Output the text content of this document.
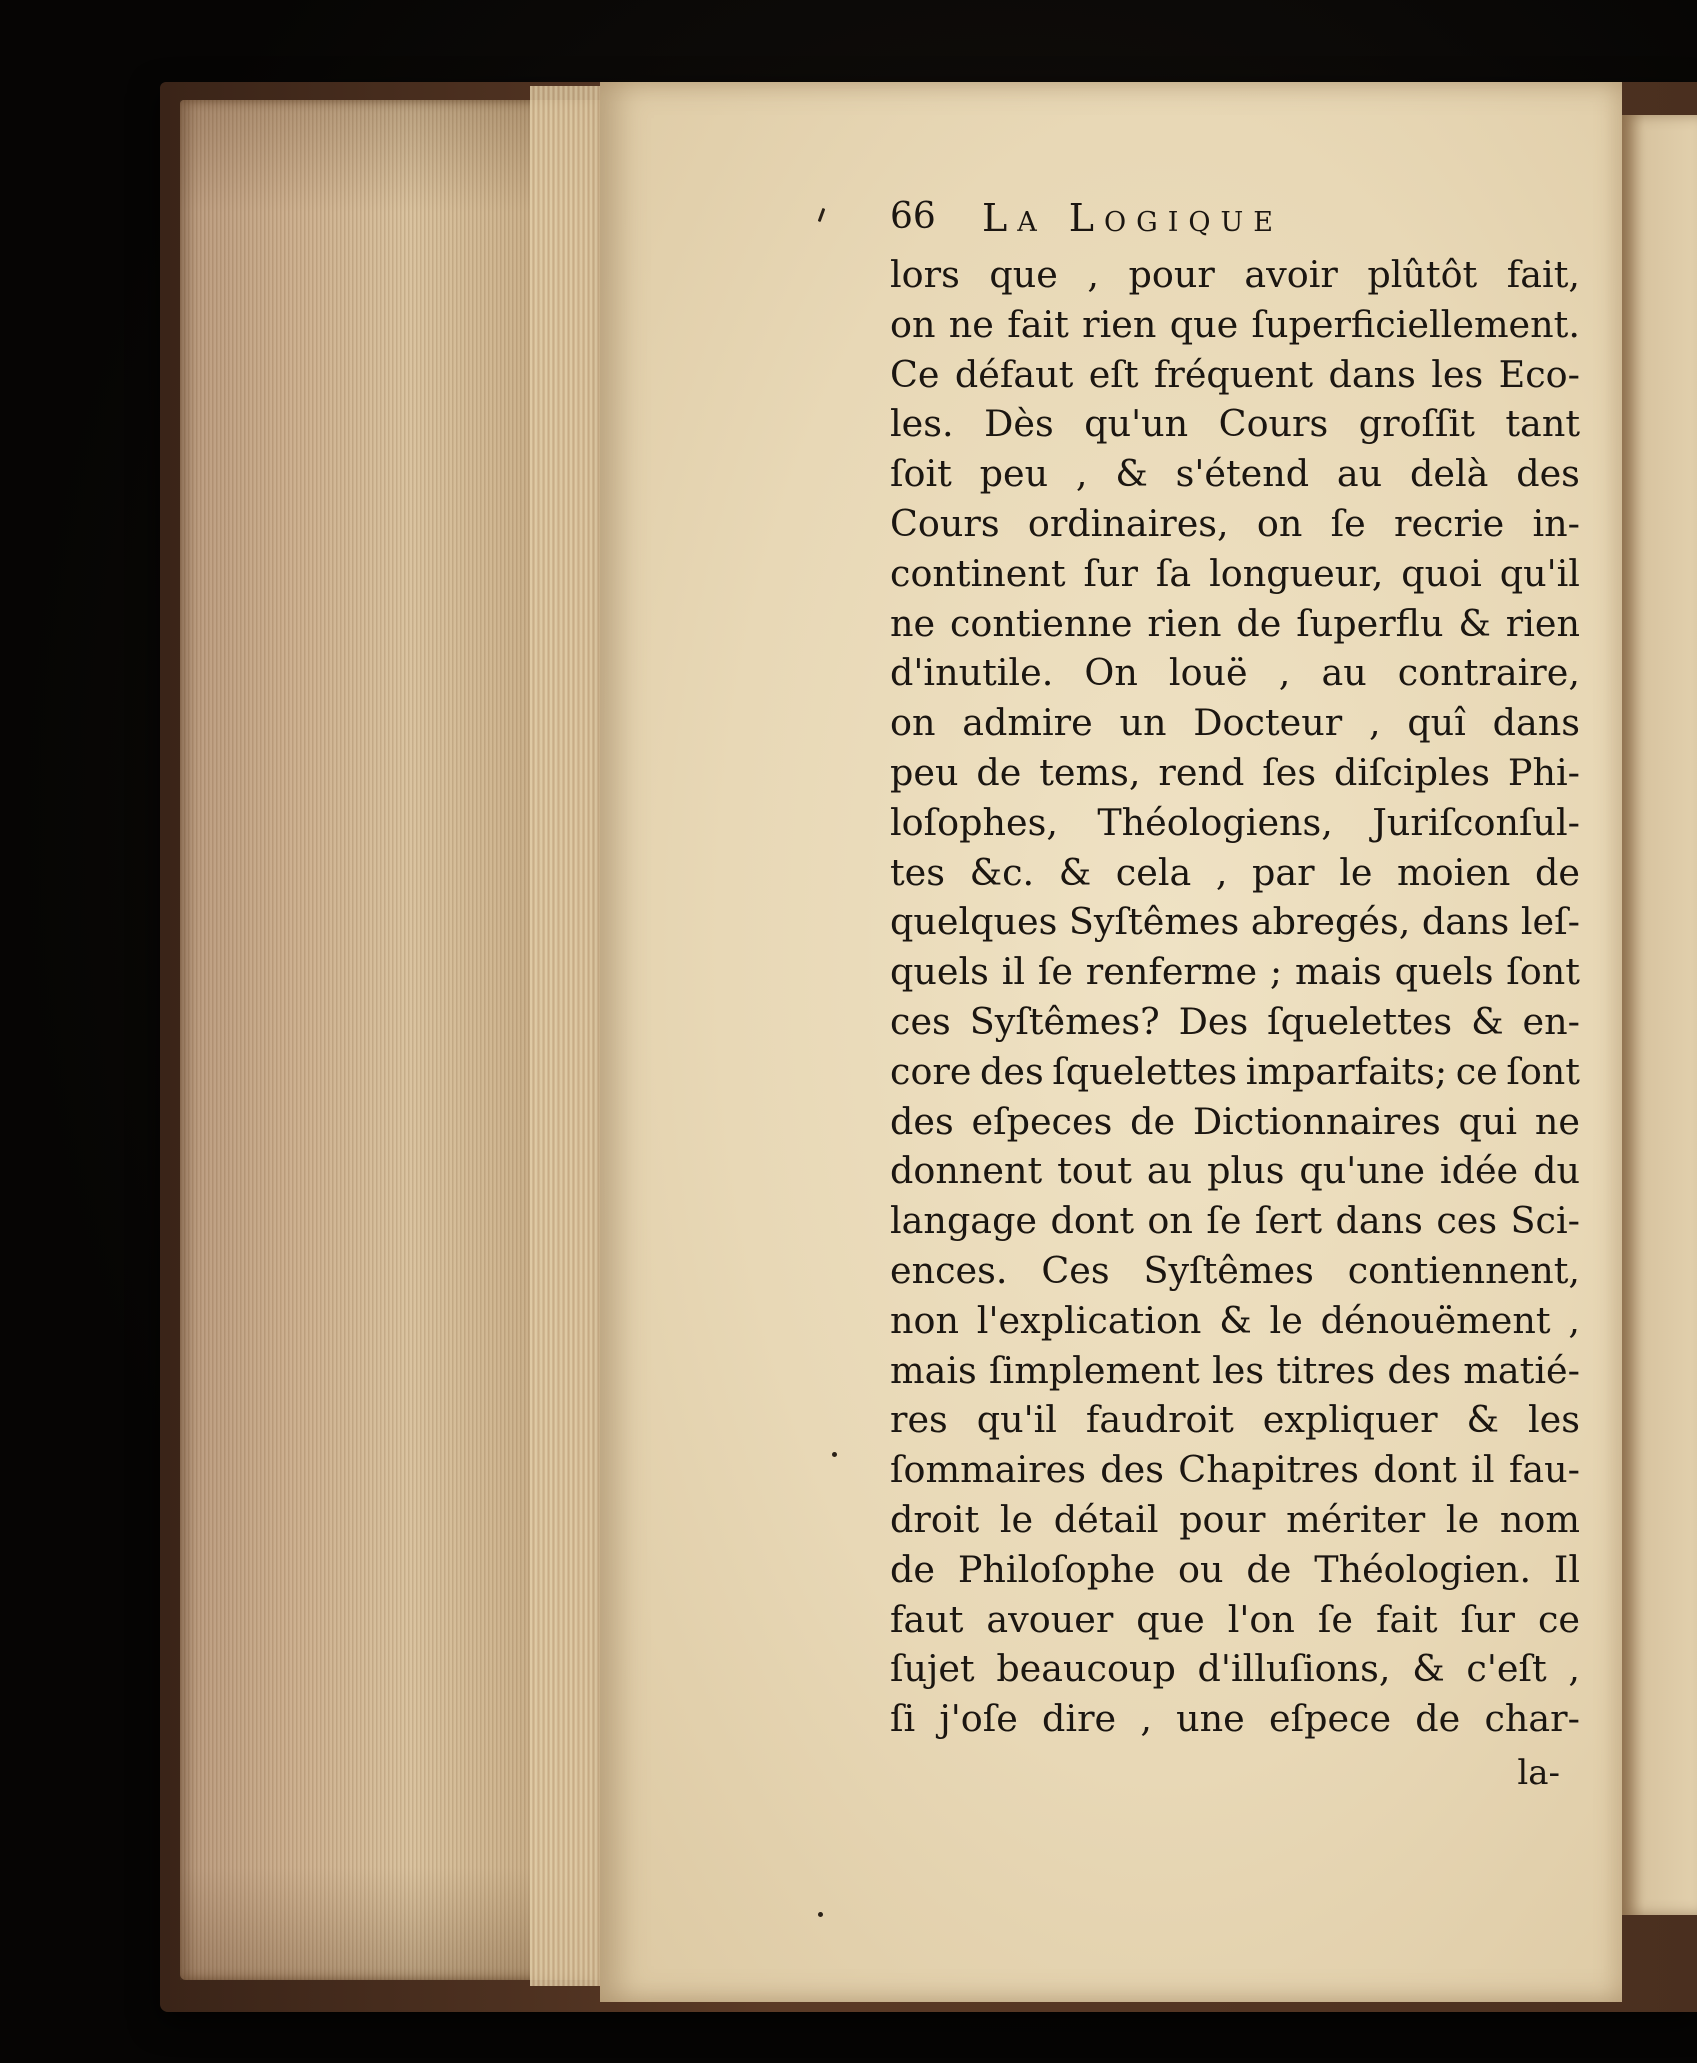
66 La Logique
lors que , pour avoir plûtôt fait,
on ne fait rien que ſuperficiellement.
Ce défaut eſt fréquent dans les Eco-
les. Dès qu'un Cours groſſit tant
ſoit peu , & s'étend au delà des
Cours ordinaires, on ſe recrie in-
continent ſur ſa longueur, quoi qu'il
ne contienne rien de ſuperflu & rien
d'inutile. On louë , au contraire,
on admire un Docteur , quî dans
peu de tems, rend ſes diſciples Phi-
loſophes, Théologiens, Juriſconſul-
tes &c. & cela , par le moien de
quelques Syſtêmes abregés, dans leſ-
quels il ſe renferme ; mais quels ſont
ces Syſtêmes? Des ſquelettes & en-
core des ſquelettes imparfaits; ce ſont
des eſpeces de Dictionnaires qui ne
donnent tout au plus qu'une idée du
langage dont on ſe ſert dans ces Sci-
ences. Ces Syſtêmes contiennent,
non l'explication & le dénouëment ,
mais ſimplement les titres des matié-
res qu'il faudroit expliquer & les
ſommaires des Chapitres dont il fau-
droit le détail pour mériter le nom
de Philoſophe ou de Théologien. Il
faut avouer que l'on ſe fait ſur ce
ſujet beaucoup d'illuſions, & c'eſt ,
ſi j'oſe dire , une eſpece de char-
la-
